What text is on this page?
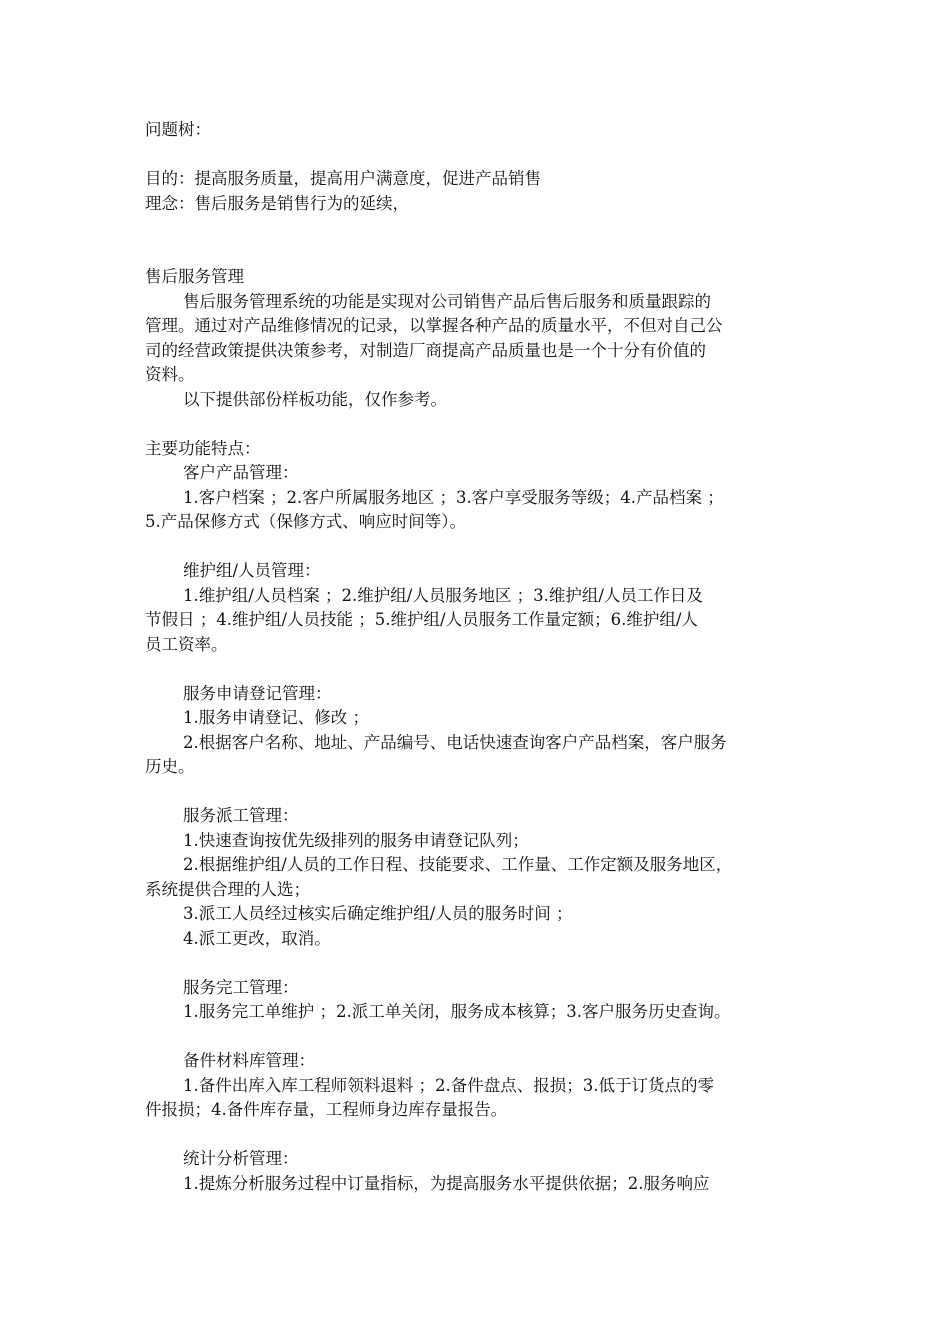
问题树：

目的：提高服务质量，提高用户满意度，促进产品销售

理念：售后服务是销售行为的延续，

售后服务管理

售后服务管理系统的功能是实现对公司销售产品后售后服务和质量跟踪的

管理。通过对产品维修情况的记录，以掌握各种产品的质量水平，不但对自己公

司的经营政策提供决策参考，对制造厂商提高产品质量也是一个十分有价值的

资料。

以下提供部份样板功能，仅作参考。

主要功能特点：

客户产品管理：

1.客户档案 ；2.客户所属服务地区 ；3.客户享受服务等级；4.产品档案 ；

5.产品保修方式（保修方式、响应时间等）。

维护组/人员管理：

1.维护组/人员档案 ；2.维护组/人员服务地区 ；3.维护组/人员工作日及

节假日 ；4.维护组/人员技能 ；5.维护组/人员服务工作量定额；6.维护组/人

员工资率。

服务申请登记管理：

1.服务申请登记、修改 ；

2.根据客户名称、地址、产品编号、电话快速查询客户产品档案，客户服务

历史。

服务派工管理：

1.快速查询按优先级排列的服务申请登记队列；

2.根据维护组/人员的工作日程、技能要求、工作量、工作定额及服务地区，

系统提供合理的人选；

3.派工人员经过核实后确定维护组/人员的服务时间 ；

4.派工更改，取消。

服务完工管理：

1.服务完工单维护 ；2.派工单关闭，服务成本核算；3.客户服务历史查询。

备件材料库管理：

1.备件出库入库工程师领料退料 ；2.备件盘点、报损；3.低于订货点的零

件报损；4.备件库存量，工程师身边库存量报告。

统计分析管理：

1.提炼分析服务过程中订量指标，为提高服务水平提供依据；2.服务响应
